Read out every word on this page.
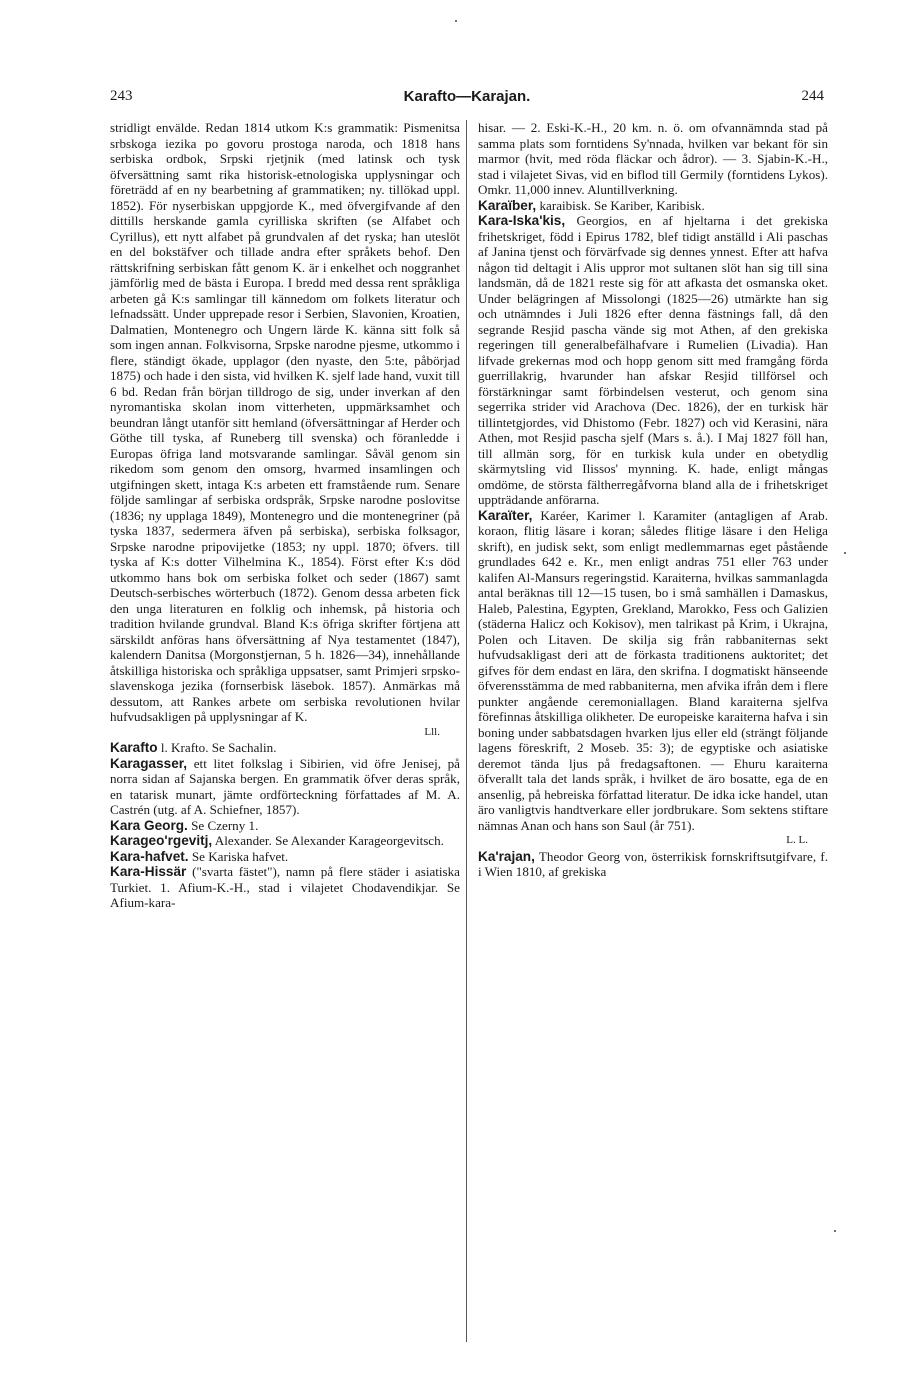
243	Karafto—Karajan.	244

stridligt envälde. Redan 1814 utkom K:s grammatik: Pismenitsa srbskoga iezika po govoru prostoga naroda, och 1818 hans serbiska ordbok, Srpski rjetjnik (med latinsk och tysk öfversättning samt rika historisk-etnologiska upplysningar och företrädd af en ny bearbetning af grammatiken; ny. tillökad uppl. 1852). För nyserbiskan uppgjorde K., med öfvergifvande af den dittills herskande gamla cyrilliska skriften (se Alfabet och Cyrillus), ett nytt alfabet på grundvalen af det ryska; han uteslöt en del bokstäfver och tillade andra efter språkets behof. Den rättskrifning serbiskan fått genom K. är i enkelhet och noggranhet jämförlig med de bästa i Europa. I bredd med dessa rent språkliga arbeten gå K:s samlingar till kännedom om folkets literatur och lefnadssätt. Under upprepade resor i Serbien, Slavonien, Kroatien, Dalmatien, Montenegro och Ungern lärde K. känna sitt folk så som ingen annan. Folkvisorna, Srpske narodne pjesme, utkommo i flere, ständigt ökade, upplagor (den nyaste, den 5:te, påbörjad 1875) och hade i den sista, vid hvilken K. sjelf lade hand, vuxit till 6 bd. Redan från början tilldrogo de sig, under inverkan af den nyromantiska skolan inom vitterheten, uppmärksamhet och beundran långt utanför sitt hemland (öfversättningar af Herder och Göthe till tyska, af Runeberg till svenska) och föranledde i Europas öfriga land motsvarande samlingar. Såväl genom sin rikedom som genom den omsorg, hvarmed insamlingen och utgifningen skett, intaga K:s arbeten ett framstående rum. Senare följde samlingar af serbiska ordspråk, Srpske narodne poslovitse (1836; ny upplaga 1849), Montenegro und die montenegriner (på tyska 1837, sedermera äfven på serbiska), serbiska folksagor, Srpske narodne pripovijetke (1853; ny uppl. 1870; öfvers. till tyska af K:s dotter Vilhelmina K., 1854). Först efter K:s död utkommo hans bok om serbiska folket och seder (1867) samt Deutsch-serbisches wörterbuch (1872). Genom dessa arbeten fick den unga literaturen en folklig och inhemsk, på historia och tradition hvilande grundval. Bland K:s öfriga skrifter förtjena att särskildt anföras hans öfversättning af Nya testamentet (1847), kalendern Danitsa (Morgonstjernan, 5 h. 1826—34), innehållande åtskilliga historiska och språkliga uppsatser, samt Primjeri srpsko-slavenskoga jezika (fornserbisk läsebok. 1857). Anmärkas må dessutom, att Rankes arbete om serbiska revolutionen hvilar hufvudsakligen på upplysningar af K.

Lll.

Karafto l. Krafto. Se Sachalin.

Karagasser, ett litet folkslag i Sibirien, vid öfre Jenisej, på norra sidan af Sajanska bergen. En grammatik öfver deras språk, en tatarisk munart, jämte ordförteckning författades af M. A. Castrén (utg. af A. Schiefner, 1857).

Kara Georg. Se Czerny 1.

Karageo'rgevitj, Alexander. Se Alexander Karageorgevitsch.

Kara-hafvet. Se Kariska hafvet.

Kara-Hissär ("svarta fästet"), namn på flere städer i asiatiska Turkiet. 1. Afium-K.-H., stad i vilajetet Chodavendikjar. Se Afium-kara-

hisar. — 2. Eski-K.-H., 20 km. n. ö. om ofvannämnda stad på samma plats som forntidens Sy'nnada, hvilken var bekant för sin marmor (hvit, med röda fläckar och ådror). — 3. Sjabin-K.-H., stad i vilajetet Sivas, vid en biflod till Germily (forntidens Lykos). Omkr. 11,000 innev. Aluntillverkning.

Karaïber, karaibisk. Se Kariber, Karibisk.

Kara-Iska'kis, Georgios, en af hjeltarna i det grekiska frihetskriget, född i Epirus 1782, blef tidigt anställd i Ali paschas af Janina tjenst och förvärfvade sig dennes ynnest. Efter att hafva någon tid deltagit i Alis uppror mot sultanen slöt han sig till sina landsmän, då de 1821 reste sig för att afkasta det osmanska oket. Under belägringen af Missolongi (1825—26) utmärkte han sig och utnämndes i Juli 1826 efter denna fästnings fall, då den segrande Resjid pascha vände sig mot Athen, af den grekiska regeringen till generalbefälhafvare i Rumelien (Livadia). Han lifvade grekernas mod och hopp genom sitt med framgång förda guerrillakrig, hvarunder han afskar Resjid tillförsel och förstärkningar samt förbindelsen vesterut, och genom sina segerrika strider vid Arachova (Dec. 1826), der en turkisk här tillintetgjordes, vid Dhistomo (Febr. 1827) och vid Kerasini, nära Athen, mot Resjid pascha sjelf (Mars s. å.). I Maj 1827 föll han, till allmän sorg, för en turkisk kula under en obetydlig skärmytsling vid Ilissos' mynning. K. hade, enligt mångas omdöme, de största fältherregåfvorna bland alla de i frihetskriget uppträdande anförarna.

Karaïter, Karéer, Karimer l. Karamiter (antagligen af Arab. koraon, flitig läsare i koran; således flitige läsare i den Heliga skrift), en judisk sekt, som enligt medlemmarnas eget påstående grundlades 642 e. Kr., men enligt andras 751 eller 763 under kalifen Al-Mansurs regeringstid. Karaiterna, hvilkas sammanlagda antal beräknas till 12—15 tusen, bo i små samhällen i Damaskus, Haleb, Palestina, Egypten, Grekland, Marokko, Fess och Galizien (städerna Halicz och Kokisov), men talrikast på Krim, i Ukrajna, Polen och Litaven. De skilja sig från rabbaniternas sekt hufvudsakligast deri att de förkasta traditionens auktoritet; det gifves för dem endast en lära, den skrifna. I dogmatiskt hänseende öfverensstämma de med rabbaniterna, men afvika ifrån dem i flere punkter angående ceremoniallagen. Bland karaiterna sjelfva förefinnas åtskilliga olikheter. De europeiske karaiterna hafva i sin boning under sabbatsdagen hvarken ljus eller eld (strängt följande lagens föreskrift, 2 Moseb. 35: 3); de egyptiske och asiatiske deremot tända ljus på fredagsaftonen. — Ehuru karaiterna öfverallt tala det lands språk, i hvilket de äro bosatte, ega de en ansenlig, på hebreiska författad literatur. De idka icke handel, utan äro vanligtvis handtverkare eller jordbrukare. Som sektens stiftare nämnas Anan och hans son Saul (år 751).

L. L.

Ka'rajan, Theodor Georg von, österrikisk fornskriftsutgifvare, f. i Wien 1810, af grekiska
